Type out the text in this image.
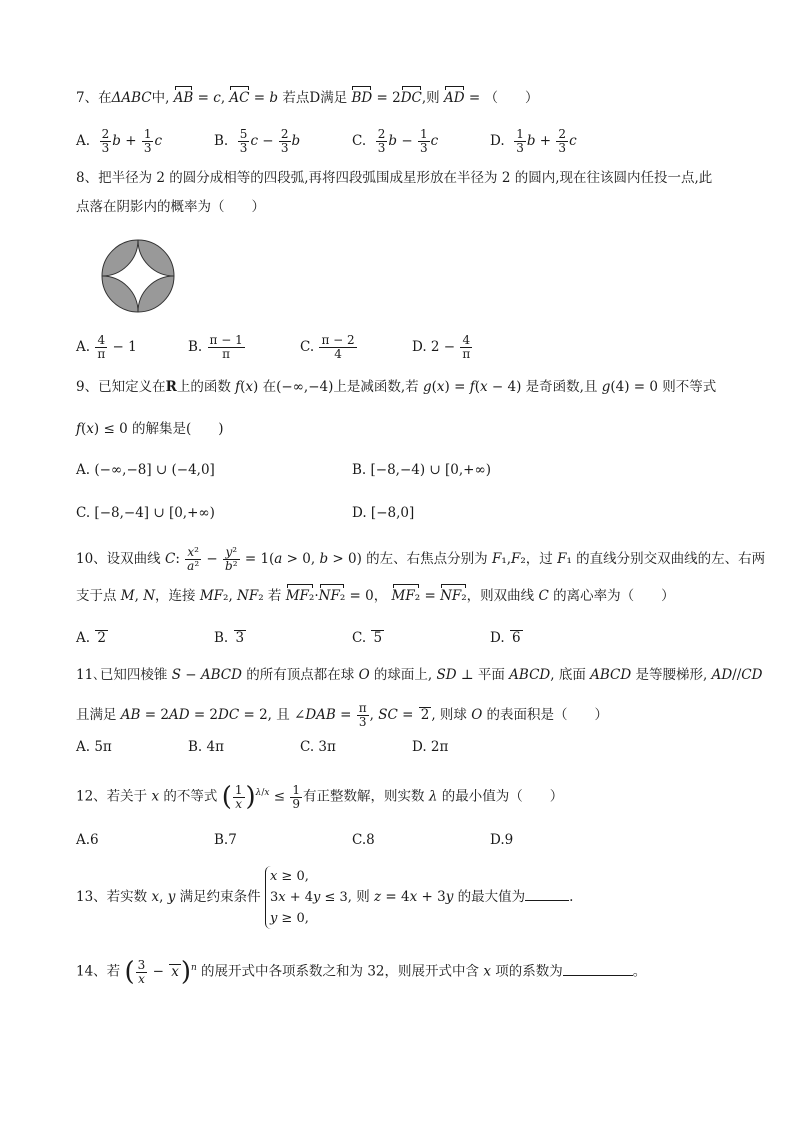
7、在ΔABC中, AB = c, AC = b 若点D满足 BD = 2DC,则 AD = （　　）
A. $\frac{2}{3}$ $b + \frac{1}{3}$ c	B. $\frac{5}{3}$ $c - \frac{2}{3}$ b	C. $\frac{2}{3}$ $b - \frac{1}{3}$ c	D. $\frac{1}{3}$ $b + \frac{2}{3}$ c
8、把半径为 2 的圆分成相等的四段弧,再将四段弧围成星形放在半径为 2 的圆内,现在往该圆内任投一点,此
点落在阴影内的概率为（　　）
A. $\frac{4}{\pi} - 1$	B. $\frac{\pi - 1}{\pi}$	C. $\frac{\pi - 2}{4}$	D. $2 - \frac{4}{\pi}$
9、已知定义在R上的函数 f(x) 在(−∞,−4)上是减函数,若 g(x) = f(x − 4) 是奇函数,且 g(4) = 0 则不等式
f(x) ≤ 0 的解集是(　　)
A. (−∞,−8] ∪ (−4,0]	B. [−8,−4) ∪ [0,+∞)
C. [−8,−4] ∪ [0,+∞)	D. [−8,0]
10、设双曲线 C: $\frac{\text{x²}}{\text{a²}} - \frac{\text{y²}}{\text{b²}} = 1(a > 0$, b > 0) 的左、右焦点分别为 F₁,F₂，过 F₁ 的直线分别交双曲线的左、右两
支于点 M, N，连接 MF₂, NF₂ 若 MF₂·NF₂ = 0， MF₂ = NF₂，则双曲线 C 的离心率为（　　）
A. 2	B. 3	C. 5	D. 6
11､已知四棱锥 S − ABCD 的所有顶点都在球 O 的球面上, SD ⊥ 平面 ABCD, 底面 ABCD 是等腰梯形, AD//CD
且满足 AB = 2AD = 2DC = 2, 且 ∠DAB = $\frac{\pi}{3}$ , SC = 2 , 则球 O 的表面积是（　　）
A. 5π	B. 4π	C. 3π	D. 2π
12、若关于 x 的不等式 ( $\frac{1}{x} )^{\lambda/x} \le \frac{1}{9}$ 有正整数解，则实数 λ 的最小值为（　　）
A.6	B.7	C.8	D.9
13、若实数 x, y 满足约束条件 x ≥ 0,
3x + 4y ≤ 3,
y ≥ 0, 则 z = 4x + 3y 的最大值为	.
14、若 ( $\frac{3}{x} - x)^n$ 的展开式中各项系数之和为 32，则展开式中含 x 项的系数为	。
